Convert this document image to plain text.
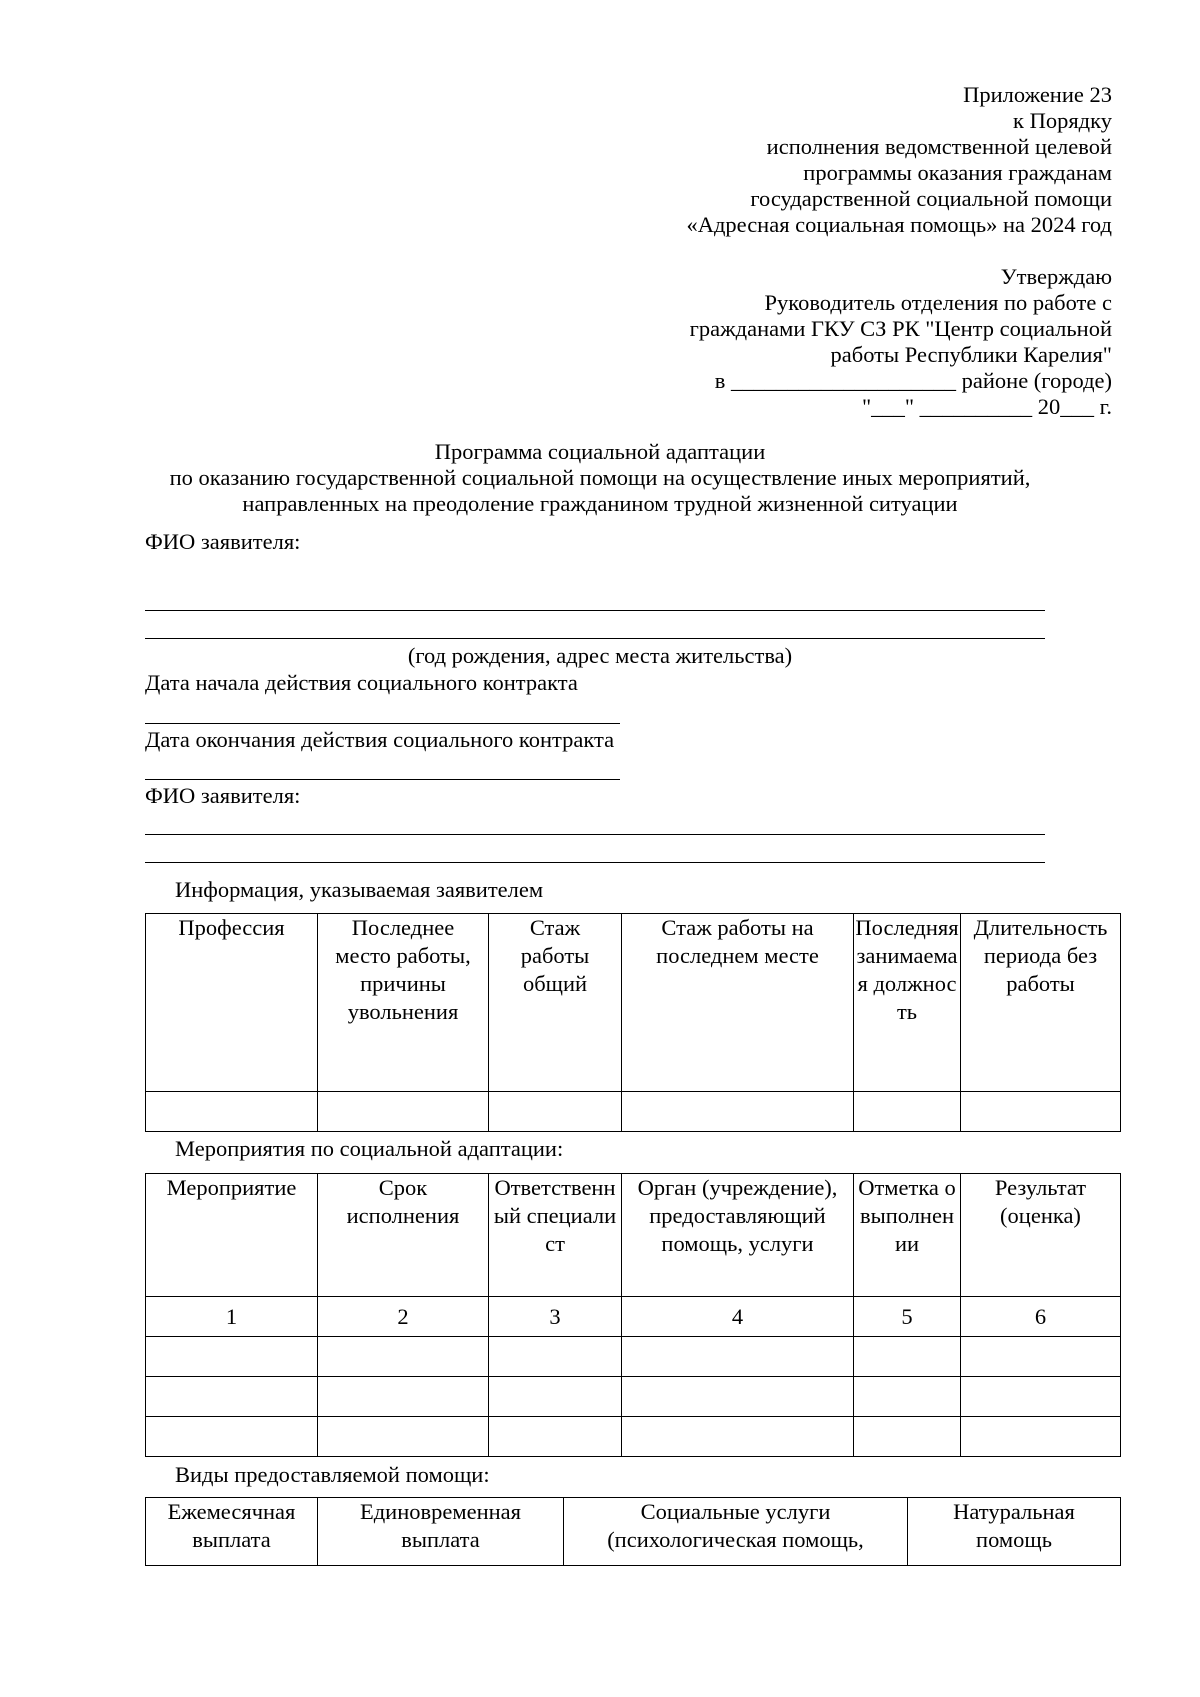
Приложение 23
к Порядку
исполнения ведомственной целевой
программы оказания гражданам
государственной социальной помощи
«Адресная социальная помощь» на 2024 год
Утверждаю
Руководитель отделения по работе с
гражданами ГКУ СЗ РК "Центр социальной
работы Республики Карелия"
в ____________________ районе (городе)
"___" __________ 20___ г.
Программа социальной адаптации
по оказанию государственной социальной помощи на осуществление иных мероприятий,
направленных на преодоление гражданином трудной жизненной ситуации
ФИО заявителя:
(год рождения, адрес места жительства)
Дата начала действия социального контракта
Дата окончания действия социального контракта
ФИО заявителя:
Информация, указываемая заявителем
Профессия	Последнее место работы, причины увольнения	Стаж работы общий	Стаж работы на последнем месте	Последняя занимаемая должность	Длительность периода без работы

Мероприятия по социальной адаптации:
Мероприятие	Срок исполнения	Ответственный специалист	Орган (учреждение), предоставляющий помощь, услуги	Отметка о выполнении	Результат (оценка)
1	2	3	4	5	6

Виды предоставляемой помощи:
Ежемесячная выплата	Единовременная выплата	Социальные услуги (психологическая помощь,	Натуральная помощь
